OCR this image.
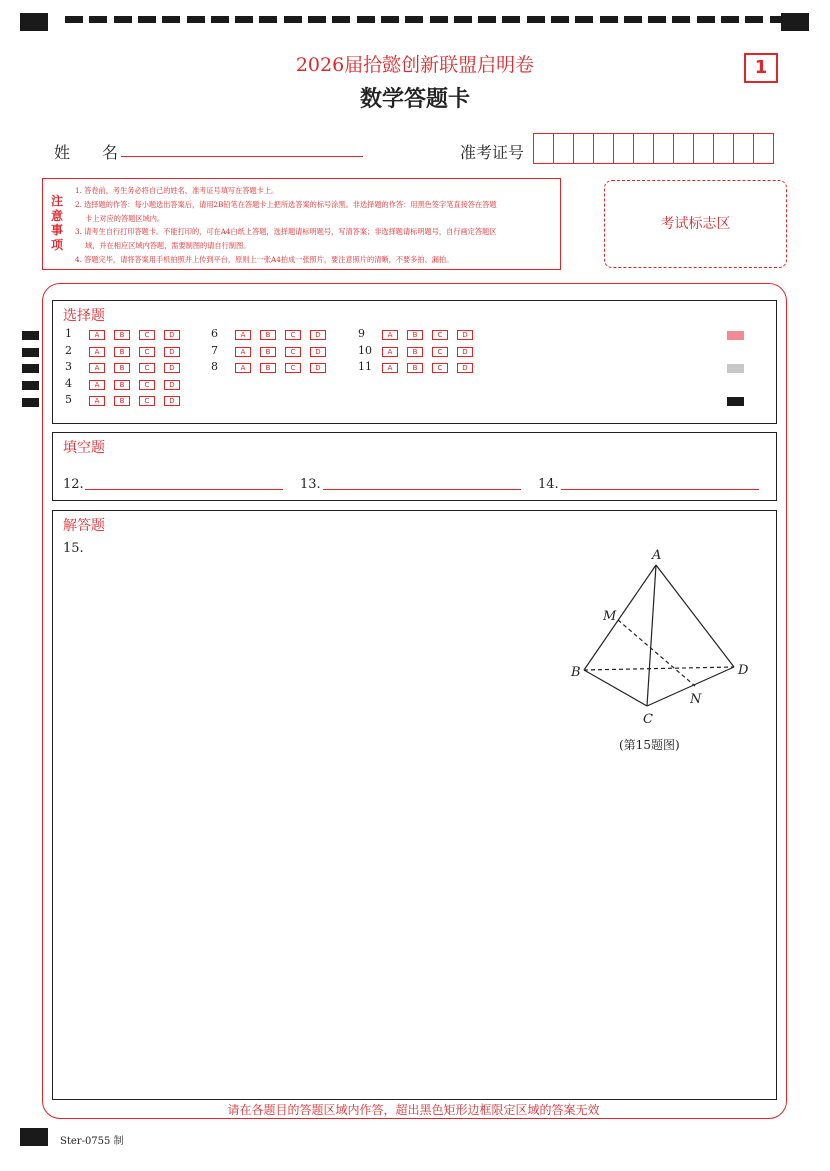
2026届拾懿创新联盟启明卷
数学答题卡
1
姓　　名	准考证号
注
意
事
项
1. 答卷前，考生务必将自己的姓名、准考证号填写在答题卡上。
2. 选择题的作答：每小题选出答案后，请用2B铅笔在答题卡上把所选答案的标号涂黑。非选择题的作答：用黑色签字笔直接答在答题
卡上对应的答题区域内。
3. 请考生自行打印答题卡。不能打印的，可在A4白纸上答题，选择题请标明题号，写清答案；非选择题请标明题号，自行画定答题区
域，并在相应区域内答题，需要制图的请自行制图。
4. 答题完毕，请将答案用手机拍照并上传到平台，原则上一张A4拍成一张照片，要注意照片的清晰，不要多拍、漏拍。
考试标志区
选择题
1	A	B	C	D
2	A	B	C	D
3	A	B	C	D
4	A	B	C	D
5	A	B	C	D
6	A	B	C	D
7	A	B	C	D
8	A	B	C	D
9	A	B	C	D
10	A	B	C	D
11	A	B	C	D
填空题
12.	13.	14.
解答题
15.	A
M
B	D
N
C
(第15题图)
请在各题目的答题区域内作答，超出黑色矩形边框限定区域的答案无效
Ster-0755 制
